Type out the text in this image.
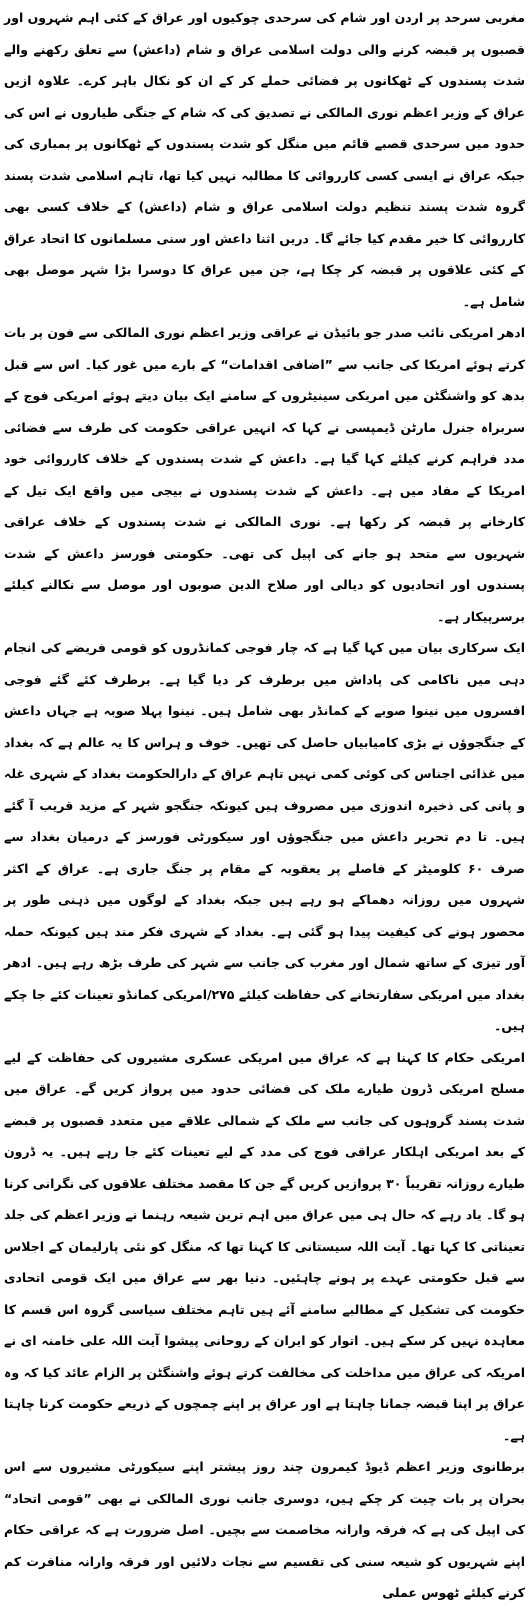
مغربی سرحد پر اردن اور شام کی سرحدی چوکیوں اور عراق کے کئی اہم شہروں اور قصبوں پر قبضہ کرنے والی دولت اسلامی عراق و شام (داعش) سے تعلق رکھنے والے شدت پسندوں کے ٹھکانوں پر فضائی حملے کر کے ان کو نکال باہر کرے۔ علاوہ ازیں عراق کے وزیر اعظم نوری المالکی نے تصدیق کی کہ شام کے جنگی طیاروں نے اس کی حدود میں سرحدی قصبے قائم میں منگل کو شدت پسندوں کے ٹھکانوں پر بمباری کی جبکہ عراق نے ایسی کسی کارروائی کا مطالبہ نہیں کیا تھا، تاہم اسلامی شدت پسند گروہ شدت پسند تنظیم دولت اسلامی عراق و شام (داعش) کے خلاف کسی بھی کارروائی کا خیر مقدم کیا جائے گا۔ دریں اثنا داعش اور سنی مسلمانوں کا اتحاد عراق کے کئی علاقوں پر قبضہ کر چکا ہے، جن میں عراق کا دوسرا بڑا شہر موصل بھی شامل ہے۔

ادھر امریکی نائب صدر جو بائیڈن نے عراقی وزیر اعظم نوری المالکی سے فون پر بات کرتے ہوئے امریکا کی جانب سے ”اضافی اقدامات“ کے بارے میں غور کیا۔ اس سے قبل بدھ کو واشنگٹن میں امریکی سینیٹروں کے سامنے ایک بیان دیتے ہوئے امریکی فوج کے سربراہ جنرل مارٹن ڈیمپسی نے کہا کہ انہیں عراقی حکومت کی طرف سے فضائی مدد فراہم کرنے کیلئے کہا گیا ہے۔ داعش کے شدت پسندوں کے خلاف کارروائی خود امریکا کے مفاد میں ہے۔ داعش کے شدت پسندوں نے بیجی میں واقع ایک تیل کے کارخانے پر قبضہ کر رکھا ہے۔ نوری المالکی نے شدت پسندوں کے خلاف عراقی شہریوں سے متحد ہو جانے کی اپیل کی تھی۔ حکومتی فورسز داعش کے شدت پسندوں اور اتحادیوں کو دیالی اور صلاح الدین صوبوں اور موصل سے نکالنے کیلئے برسرپیکار ہے۔

ایک سرکاری بیان میں کہا گیا ہے کہ چار فوجی کمانڈروں کو قومی فریضے کی انجام دہی میں ناکامی کی پاداش میں برطرف کر دیا گیا ہے۔ برطرف کئے گئے فوجی افسروں میں نینوا صوبے کے کمانڈر بھی شامل ہیں۔ نینوا پہلا صوبہ ہے جہاں داعش کے جنگجوؤں نے بڑی کامیابیاں حاصل کی تھیں۔ خوف و ہراس کا یہ عالم ہے کہ بغداد میں غذائی اجناس کی کوئی کمی نہیں تاہم عراق کے دارالحکومت بغداد کے شہری غلہ و پانی کی ذخیرہ اندوزی میں مصروف ہیں کیونکہ جنگجو شہر کے مزید قریب آ گئے ہیں۔ تا دم تحریر داعش میں جنگجوؤں اور سیکورٹی فورسز کے درمیان بغداد سے صرف ۶۰ کلومیٹر کے فاصلے پر یعقوبہ کے مقام پر جنگ جاری ہے۔ عراق کے اکثر شہروں میں روزانہ دھماکے ہو رہے ہیں جبکہ بغداد کے لوگوں میں ذہنی طور پر محصور ہونے کی کیفیت پیدا ہو گئی ہے۔ بغداد کے شہری فکر مند ہیں کیونکہ حملہ آور تیزی کے ساتھ شمال اور مغرب کی جانب سے شہر کی طرف بڑھ رہے ہیں۔ ادھر بغداد میں امریکی سفارتخانے کی حفاظت کیلئے ۲۷۵/امریکی کمانڈو تعینات کئے جا چکے ہیں۔

امریکی حکام کا کہنا ہے کہ عراق میں امریکی عسکری مشیروں کی حفاظت کے لیے مسلح امریکی ڈرون طیارے ملک کی فضائی حدود میں پرواز کریں گے۔ عراق میں شدت پسند گروہوں کی جانب سے ملک کے شمالی علاقے میں متعدد قصبوں پر قبضے کے بعد امریکی اہلکار عراقی فوج کی مدد کے لیے تعینات کئے جا رہے ہیں۔ یہ ڈرون طیارے روزانہ تقریباً ۳۰ پروازیں کریں گے جن کا مقصد مختلف علاقوں کی نگرانی کرنا ہو گا۔ یاد رہے کہ حال ہی میں عراق میں اہم ترین شیعہ رہنما نے وزیر اعظم کی جلد تعیناتی کا کہا تھا۔ آیت اللہ سیستانی کا کہنا تھا کہ منگل کو نئی پارلیمان کے اجلاس سے قبل حکومتی عہدے پر ہونے چاہئیں۔ دنیا بھر سے عراق میں ایک قومی اتحادی حکومت کی تشکیل کے مطالبے سامنے آئے ہیں تاہم مختلف سیاسی گروہ اس قسم کا معاہدہ نہیں کر سکے ہیں۔ اتوار کو ایران کے روحانی پیشوا آیت اللہ علی خامنہ ای نے امریکہ کی عراق میں مداخلت کی مخالفت کرتے ہوئے واشنگٹن پر الزام عائد کیا کہ وہ عراق پر اپنا قبضہ جمانا چاہتا ہے اور عراق پر اپنے چمچوں کے ذریعے حکومت کرنا چاہتا ہے۔

برطانوی وزیر اعظم ڈیوڈ کیمرون چند روز پیشتر اپنے سیکورٹی مشیروں سے اس بحران پر بات چیت کر چکے ہیں، دوسری جانب نوری المالکی نے بھی ”قومی اتحاد“ کی اپیل کی ہے کہ فرقہ وارانہ مخاصمت سے بچیں۔ اصل ضرورت ہے کہ عراقی حکام اپنے شہریوں کو شیعہ سنی کی تقسیم سے نجات دلائیں اور فرقہ وارانہ منافرت کم کرنے کیلئے ٹھوس عملی
